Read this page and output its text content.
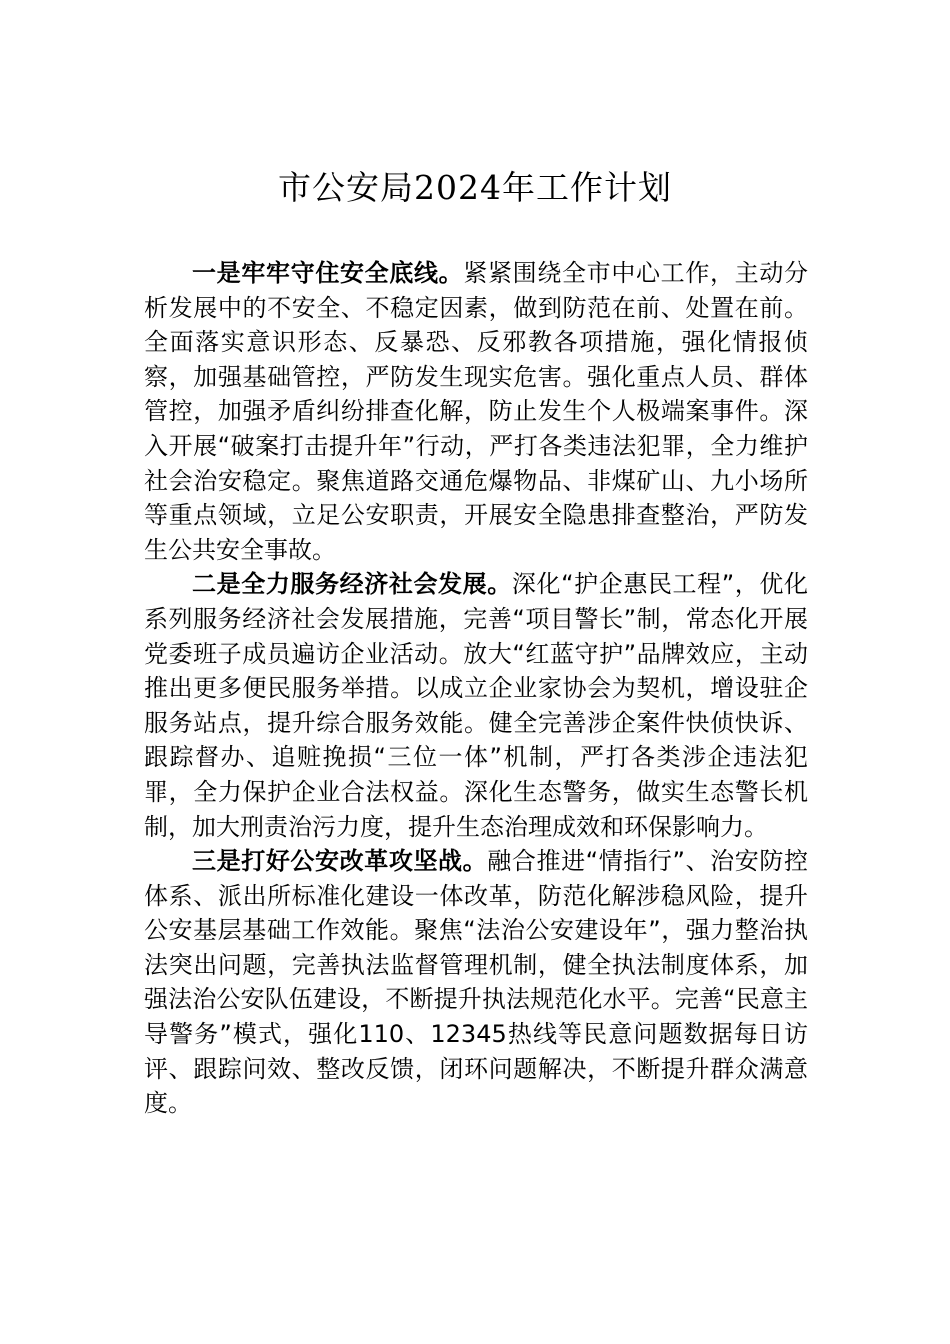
市公安局2024年工作计划

一是牢牢守住安全底线。紧紧围绕全市中心工作，主动分析发展中的不安全、不稳定因素，做到防范在前、处置在前。全面落实意识形态、反暴恐、反邪教各项措施，强化情报侦察，加强基础管控，严防发生现实危害。强化重点人员、群体管控，加强矛盾纠纷排查化解，防止发生个人极端案事件。深入开展“破案打击提升年”行动，严打各类违法犯罪，全力维护社会治安稳定。聚焦道路交通危爆物品、非煤矿山、九小场所等重点领域，立足公安职责，开展安全隐患排查整治，严防发生公共安全事故。

二是全力服务经济社会发展。深化“护企惠民工程”，优化系列服务经济社会发展措施，完善“项目警长”制，常态化开展党委班子成员遍访企业活动。放大“红蓝守护”品牌效应，主动推出更多便民服务举措。以成立企业家协会为契机，增设驻企服务站点，提升综合服务效能。健全完善涉企案件快侦快诉、跟踪督办、追赃挽损“三位一体”机制，严打各类涉企违法犯罪，全力保护企业合法权益。深化生态警务，做实生态警长机制，加大刑责治污力度，提升生态治理成效和环保影响力。

三是打好公安改革攻坚战。融合推进“情指行”、治安防控体系、派出所标准化建设一体改革，防范化解涉稳风险，提升公安基层基础工作效能。聚焦“法治公安建设年”，强力整治执法突出问题，完善执法监督管理机制，健全执法制度体系，加强法治公安队伍建设，不断提升执法规范化水平。完善“民意主导警务”模式，强化110、12345热线等民意问题数据每日访评、跟踪问效、整改反馈，闭环问题解决，不断提升群众满意度。
